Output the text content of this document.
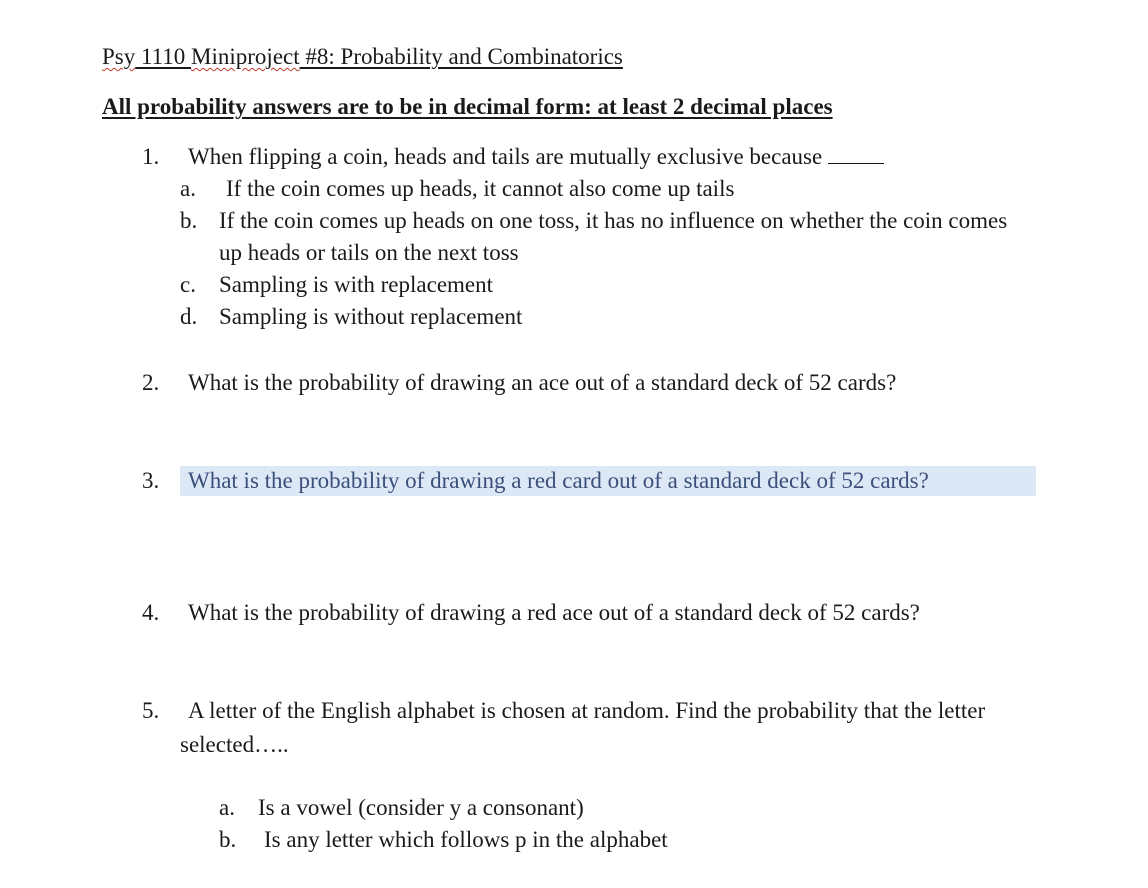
Psy 1110 Miniproject #8: Probability and Combinatorics
All probability answers are to be in decimal form: at least 2 decimal places
1. When flipping a coin, heads and tails are mutually exclusive because
a. If the coin comes up heads, it cannot also come up tails
b. If the coin comes up heads on one toss, it has no influence on whether the coin comes
up heads or tails on the next toss
c. Sampling is with replacement
d. Sampling is without replacement
2. What is the probability of drawing an ace out of a standard deck of 52 cards?
3. What is the probability of drawing a red card out of a standard deck of 52 cards?
4. What is the probability of drawing a red ace out of a standard deck of 52 cards?
5. A letter of the English alphabet is chosen at random. Find the probability that the letter
selected…..
a. Is a vowel (consider y a consonant)
b. Is any letter which follows p in the alphabet
